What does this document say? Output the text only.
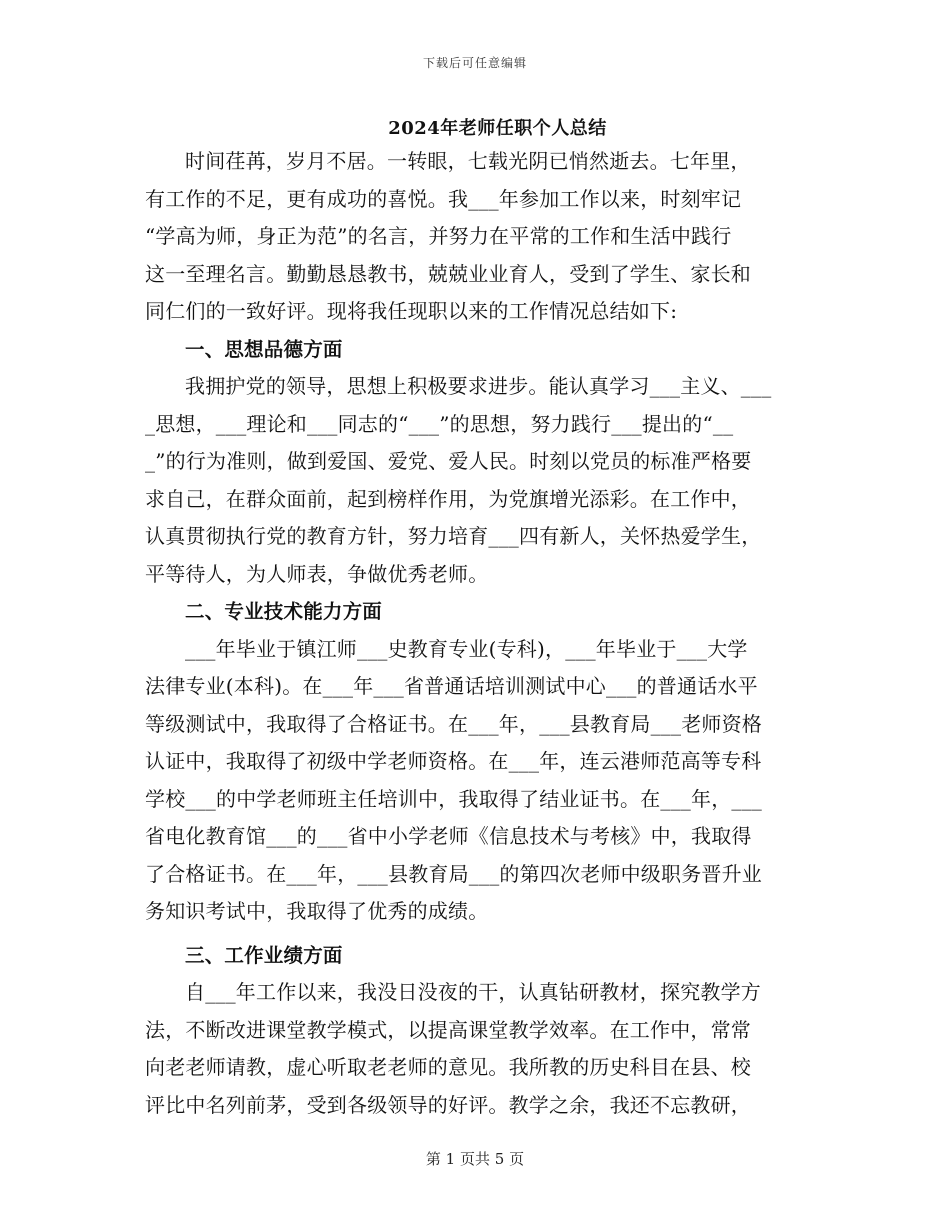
下载后可任意编辑
2024年老师任职个人总结
时间荏苒，岁月不居。一转眼，七载光阴已悄然逝去。七年里，
有工作的不足，更有成功的喜悦。我___年参加工作以来，时刻牢记
“学高为师，身正为范”的名言，并努力在平常的工作和生活中践行
这一至理名言。勤勤恳恳教书，兢兢业业育人，受到了学生、家长和
同仁们的一致好评。现将我任现职以来的工作情况总结如下:
一、思想品德方面
我拥护党的领导，思想上积极要求进步。能认真学习___主义、___
_思想，___理论和___同志的“___”的思想，努力践行___提出的“__
_”的行为准则，做到爱国、爱党、爱人民。时刻以党员的标准严格要
求自己，在群众面前，起到榜样作用，为党旗增光添彩。在工作中，
认真贯彻执行党的教育方针，努力培育___四有新人，关怀热爱学生，
平等待人，为人师表，争做优秀老师。
二、专业技术能力方面
___年毕业于镇江师___史教育专业(专科)，___年毕业于___大学
法律专业(本科)。在___年___省普通话培训测试中心___的普通话水平
等级测试中，我取得了合格证书。在___年，___县教育局___老师资格
认证中，我取得了初级中学老师资格。在___年，连云港师范高等专科
学校___的中学老师班主任培训中，我取得了结业证书。在___年，___
省电化教育馆___的___省中小学老师《信息技术与考核》中，我取得
了合格证书。在___年，___县教育局___的第四次老师中级职务晋升业
务知识考试中，我取得了优秀的成绩。
三、工作业绩方面
自___年工作以来，我没日没夜的干，认真钻研教材，探究教学方
法，不断改进课堂教学模式，以提高课堂教学效率。在工作中，常常
向老老师请教，虚心听取老老师的意见。我所教的历史科目在县、校
评比中名列前茅，受到各级领导的好评。教学之余，我还不忘教研，
第 1 页共 5 页
